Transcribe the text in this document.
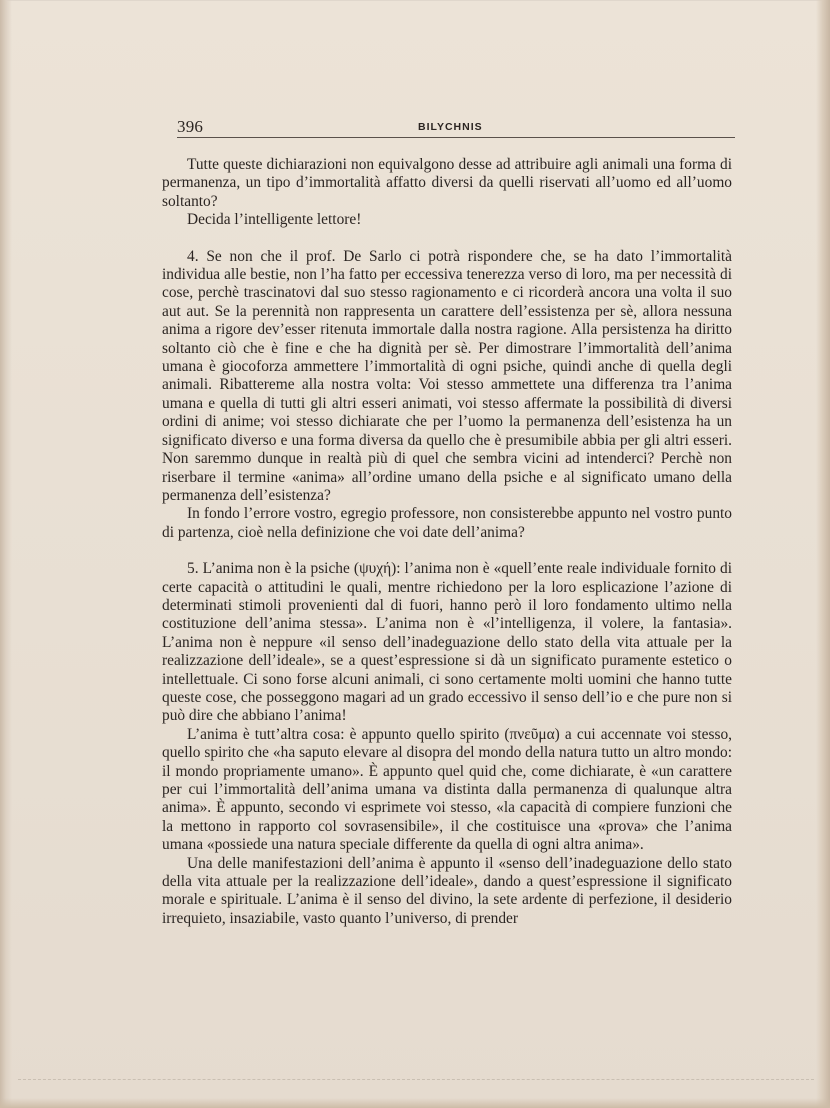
396	BILYCHNIS

Tutte queste dichiarazioni non equivalgono desse ad attribuire agli animali una forma di permanenza, un tipo d’immortalità affatto diversi da quelli riservati all’uomo ed all’uomo soltanto?

Decida l’intelligente lettore!

4. Se non che il prof. De Sarlo ci potrà rispondere che, se ha dato l’immortalità individua alle bestie, non l’ha fatto per eccessiva tenerezza verso di loro, ma per necessità di cose, perchè trascinatovi dal suo stesso ragionamento e ci ricorderà ancora una volta il suo aut aut. Se la perennità non rappresenta un carattere dell’essistenza per sè, allora nessuna anima a rigore dev’esser ritenuta immortale dalla nostra ragione. Alla persistenza ha diritto soltanto ciò che è fine e che ha dignità per sè. Per dimostrare l’immortalità dell’anima umana è giocoforza ammettere l’immortalità di ogni psiche, quindi anche di quella degli animali. Ribattereme alla nostra volta: Voi stesso ammettete una differenza tra l’anima umana e quella di tutti gli altri esseri animati, voi stesso affermate la possibilità di diversi ordini di anime; voi stesso dichiarate che per l’uomo la permanenza dell’esistenza ha un significato diverso e una forma diversa da quello che è presumibile abbia per gli altri esseri. Non saremmo dunque in realtà più di quel che sembra vicini ad intenderci? Perchè non riserbare il termine «anima» all’ordine umano della psiche e al significato umano della permanenza dell’esistenza?

In fondo l’errore vostro, egregio professore, non consisterebbe appunto nel vostro punto di partenza, cioè nella definizione che voi date dell’anima?

5. L’anima non è la psiche (ψυχή): l’anima non è «quell’ente reale individuale fornito di certe capacità o attitudini le quali, mentre richiedono per la loro esplicazione l’azione di determinati stimoli provenienti dal di fuori, hanno però il loro fondamento ultimo nella costituzione dell’anima stessa». L’anima non è «l’intelligenza, il volere, la fantasia». L’anima non è neppure «il senso dell’inadeguazione dello stato della vita attuale per la realizzazione dell’ideale», se a quest’espressione si dà un significato puramente estetico o intellettuale. Ci sono forse alcuni animali, ci sono certamente molti uomini che hanno tutte queste cose, che posseggono magari ad un grado eccessivo il senso dell’io e che pure non si può dire che abbiano l’anima!

L’anima è tutt’altra cosa: è appunto quello spirito (πνεῦμα) a cui accennate voi stesso, quello spirito che «ha saputo elevare al disopra del mondo della natura tutto un altro mondo: il mondo propriamente umano». È appunto quel quid che, come dichiarate, è «un carattere per cui l’immortalità dell’anima umana va distinta dalla permanenza di qualunque altra anima». È appunto, secondo vi esprimete voi stesso, «la capacità di compiere funzioni che la mettono in rapporto col sovrasensibile», il che costituisce una «prova» che l’anima umana «possiede una natura speciale differente da quella di ogni altra anima».

Una delle manifestazioni dell’anima è appunto il «senso dell’inadeguazione dello stato della vita attuale per la realizzazione dell’ideale», dando a quest’espressione il significato morale e spirituale. L’anima è il senso del divino, la sete ardente di perfezione, il desiderio irrequieto, insaziabile, vasto quanto l’universo, di prender
